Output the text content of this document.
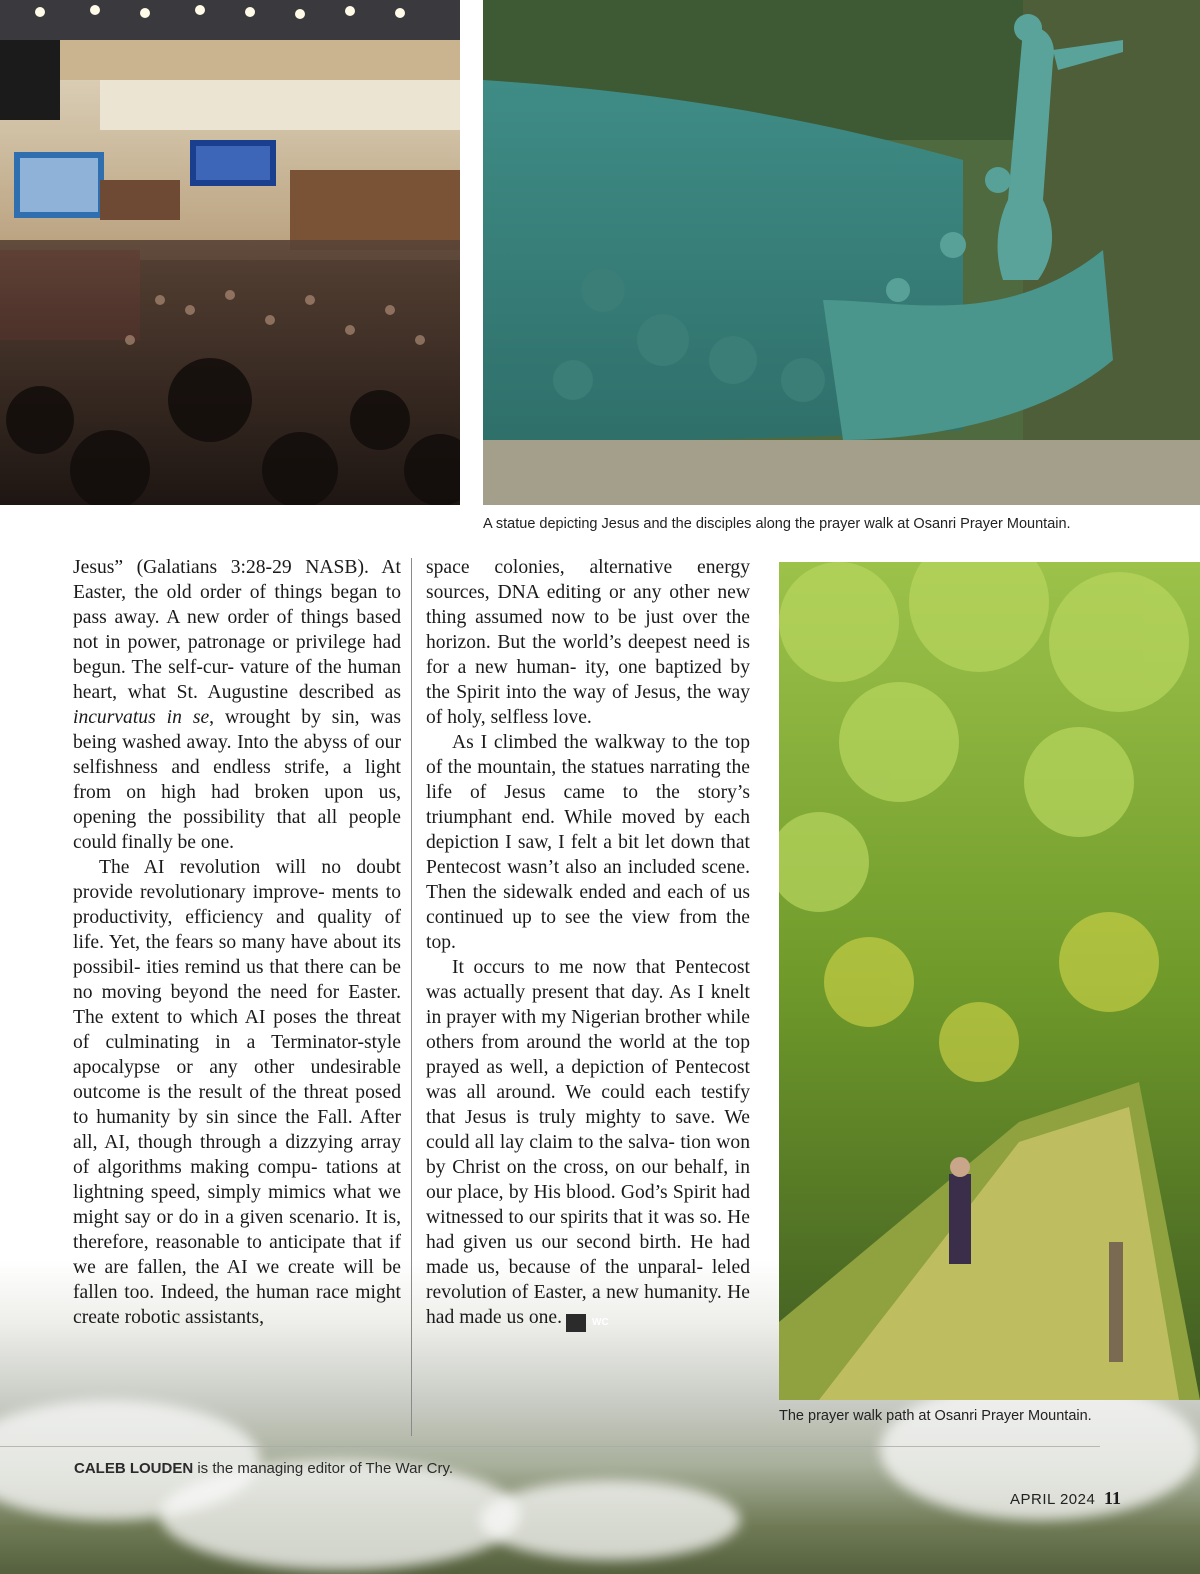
A statue depicting Jesus and the disciples along the prayer walk at Osanri Prayer Mountain.
The prayer walk path at Osanri Prayer Mountain.

Jesus” (Galatians 3:28-29 NASB). At Easter, the old order of things began to pass away. A new order of things based not in power, patronage or privilege had begun. The self-cur- vature of the human heart, what St. Augustine described as incurvatus in se, wrought by sin, was being washed away. Into the abyss of our selfishness and endless strife, a light from on high had broken upon us, opening the possibility that all people could finally be one.

The AI revolution will no doubt provide revolutionary improve- ments to productivity, efficiency and quality of life. Yet, the fears so many have about its possibil- ities remind us that there can be no moving beyond the need for Easter. The extent to which AI poses the threat of culminating in a Terminator-style apocalypse or any other undesirable outcome is the result of the threat posed to humanity by sin since the Fall. After all, AI, though through a dizzying array of algorithms making compu- tations at lightning speed, simply mimics what we might say or do in a given scenario. It is, therefore, reasonable to anticipate that if we are fallen, the AI we create will be fallen too. Indeed, the human race might create robotic assistants,

space colonies, alternative energy sources, DNA editing or any other new thing assumed now to be just over the horizon. But the world’s deepest need is for a new human- ity, one baptized by the Spirit into the way of Jesus, the way of holy, selfless love.

As I climbed the walkway to the top of the mountain, the statues narrating the life of Jesus came to the story’s triumphant end. While moved by each depiction I saw, I felt a bit let down that Pentecost wasn’t also an included scene. Then the sidewalk ended and each of us continued up to see the view from the top.

It occurs to me now that Pentecost was actually present that day. As I knelt in prayer with my Nigerian brother while others from around the world at the top prayed as well, a depiction of Pentecost was all around. We could each testify that Jesus is truly mighty to save. We could all lay claim to the salva- tion won by Christ on the cross, on our behalf, in our place, by His blood. God’s Spirit had witnessed to our spirits that it was so. He had given us our second birth. He had made us, because of the unparal- leled revolution of Easter, a new humanity. He had made us one.	WC

CALEB LOUDEN is the managing editor of The War Cry.
APRIL 2024 11
